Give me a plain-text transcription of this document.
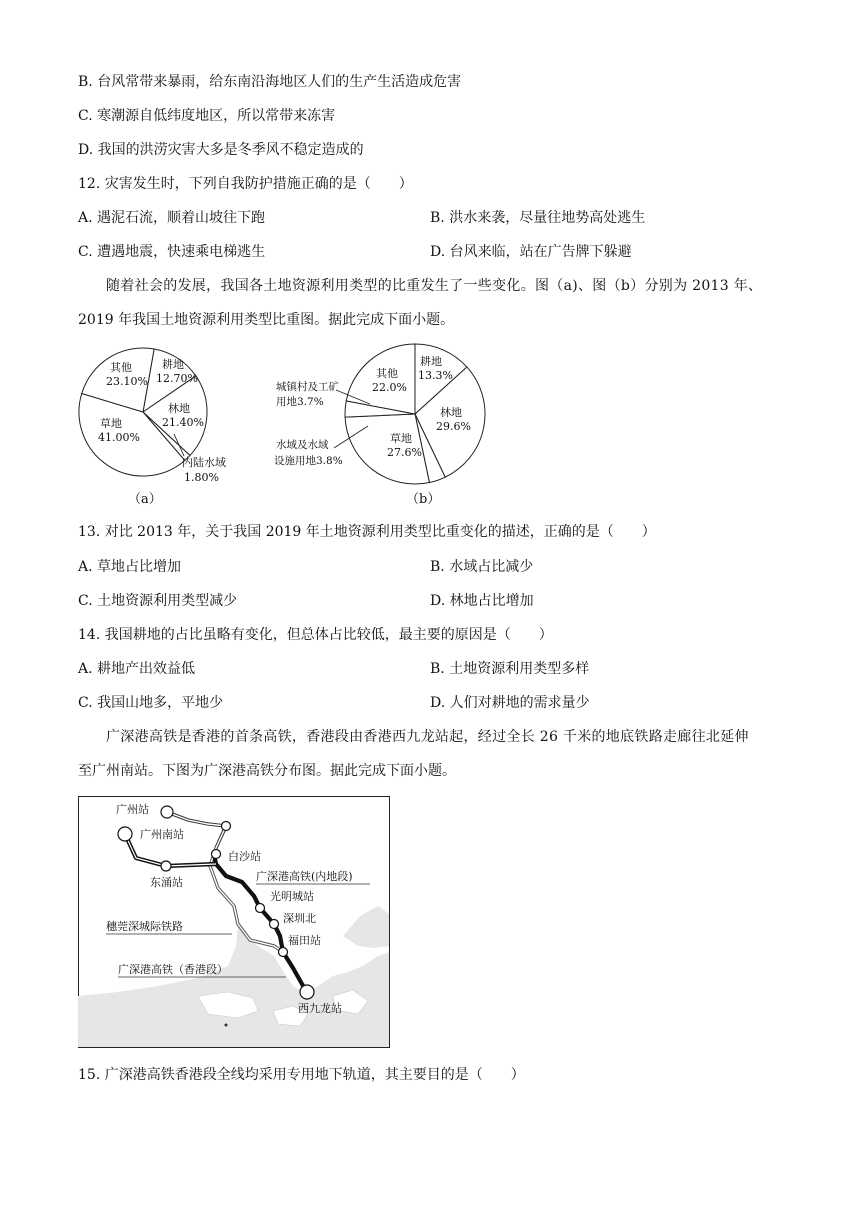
B. 台风常带来暴雨，给东南沿海地区人们的生产生活造成危害
C. 寒潮源自低纬度地区，所以常带来冻害
D. 我国的洪涝灾害大多是冬季风不稳定造成的
12. 灾害发生时，下列自我防护措施正确的是（　　）
A. 遇泥石流，顺着山坡往下跑	B. 洪水来袭，尽量往地势高处逃生
C. 遭遇地震，快速乘电梯逃生	D. 台风来临，站在广告牌下躲避
随着社会的发展，我国各土地资源利用类型的比重发生了一些变化。图（a)、图（b）分别为 2013 年、
2019 年我国土地资源利用类型比重图。据此完成下面小题。
其他
23.10%
耕地
12.70%
林地
21.40%
草地
41.00%
内陆水域
1.80%
（a）
其他
22.0%
耕地
13.3%
林地
29.6%
草地
27.6%
城镇村及工矿
用地3.7%
水域及水域
设施用地3.8%
（b）
13. 对比 2013 年，关于我国 2019 年土地资源利用类型比重变化的描述，正确的是（　　）
A. 草地占比增加	B. 水域占比减少
C. 土地资源利用类型减少	D. 林地占比增加
14. 我国耕地的占比虽略有变化，但总体占比较低，最主要的原因是（　　）
A. 耕地产出效益低	B. 土地资源利用类型多样
C. 我国山地多，平地少	D. 人们对耕地的需求量少
广深港高铁是香港的首条高铁，香港段由香港西九龙站起，经过全长 26 千米的地底铁路走廊往北延伸
至广州南站。下图为广深港高铁分布图。据此完成下面小题。
广州站
广州南站
东涌站
白沙站
广深港高铁(内地段)
光明城站
深圳北
穗莞深城际铁路
福田站
广深港高铁（香港段）
西九龙站
15. 广深港高铁香港段全线均采用专用地下轨道，其主要目的是（　　）
